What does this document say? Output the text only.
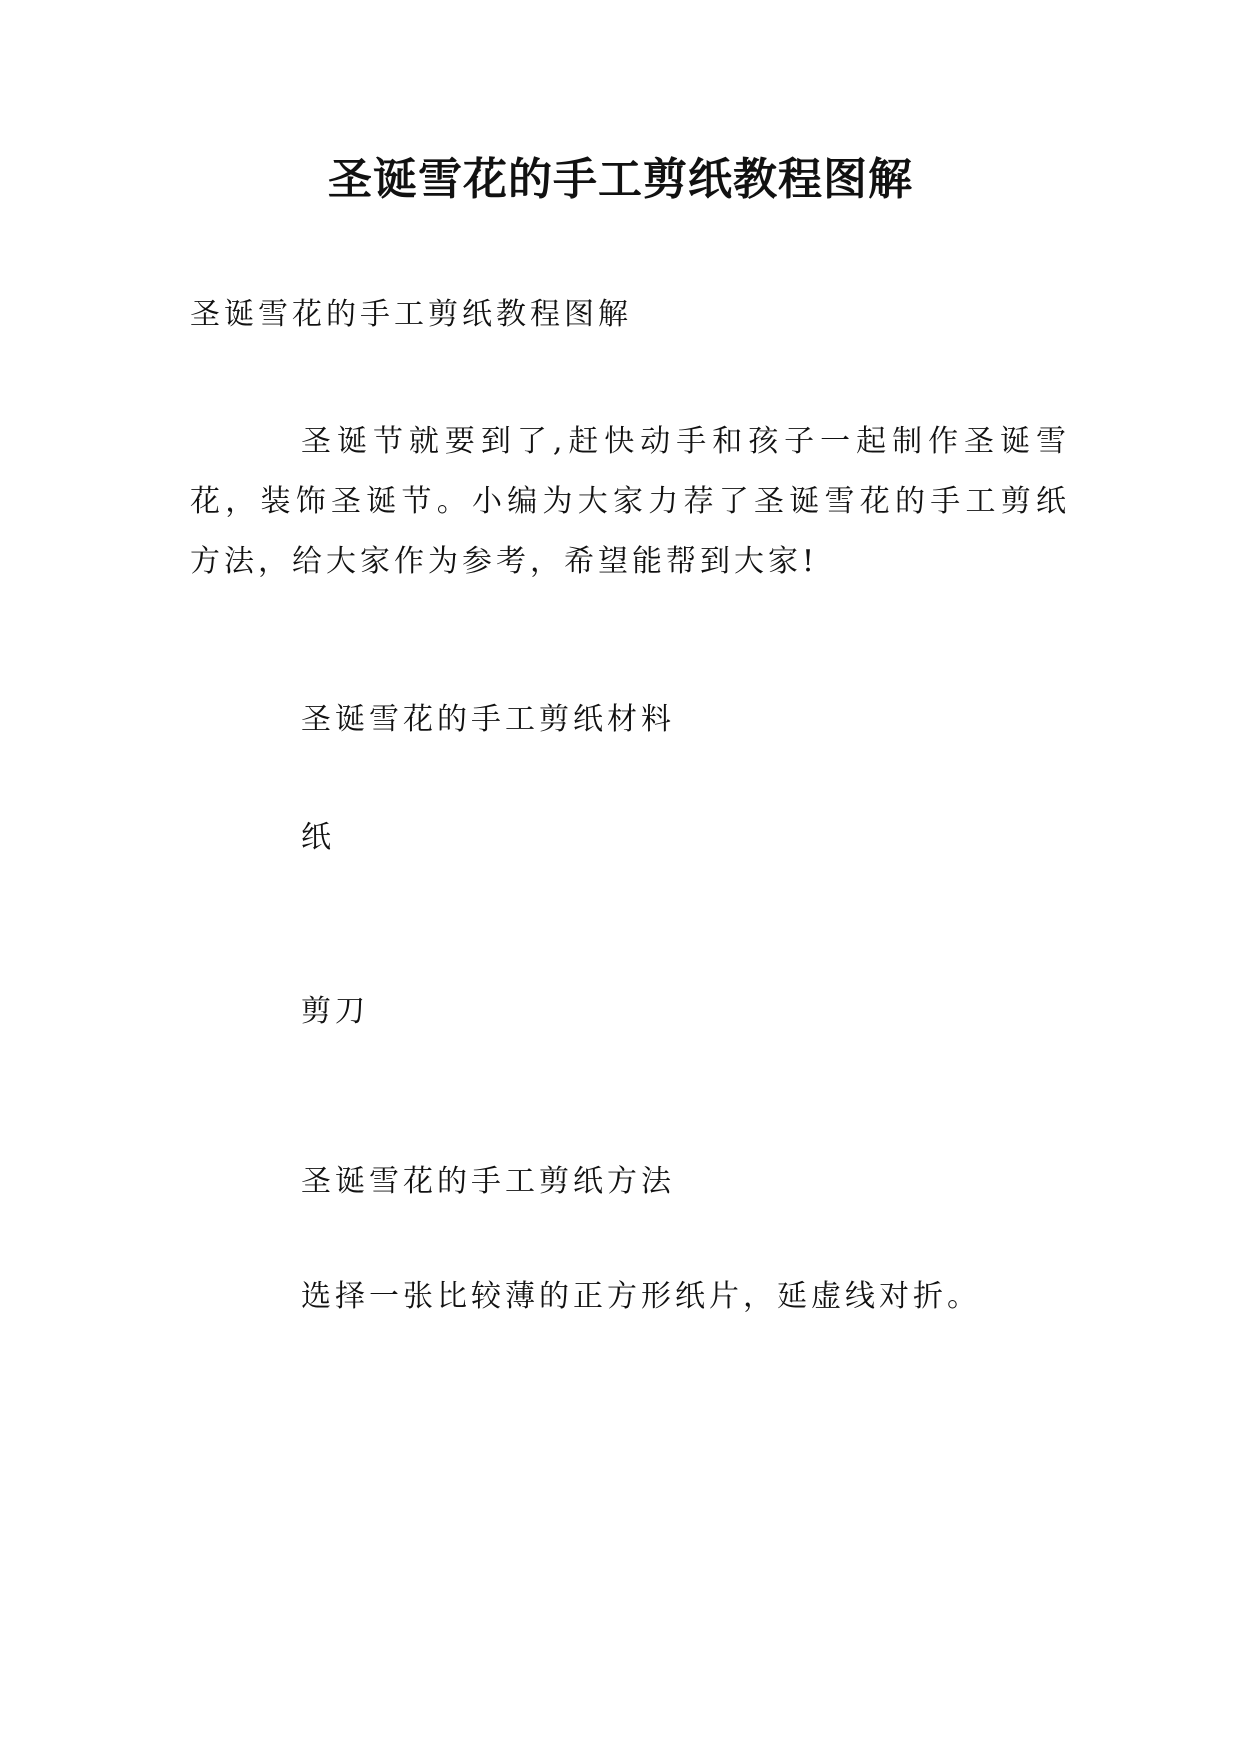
圣诞雪花的手工剪纸教程图解
圣诞雪花的手工剪纸教程图解
圣诞节就要到了,赶快动手和孩子一起制作圣诞雪花，装饰圣诞节。小编为大家力荐了圣诞雪花的手工剪纸方法，给大家作为参考，希望能帮到大家!
圣诞雪花的手工剪纸材料
纸
剪刀
圣诞雪花的手工剪纸方法
选择一张比较薄的正方形纸片，延虚线对折。
